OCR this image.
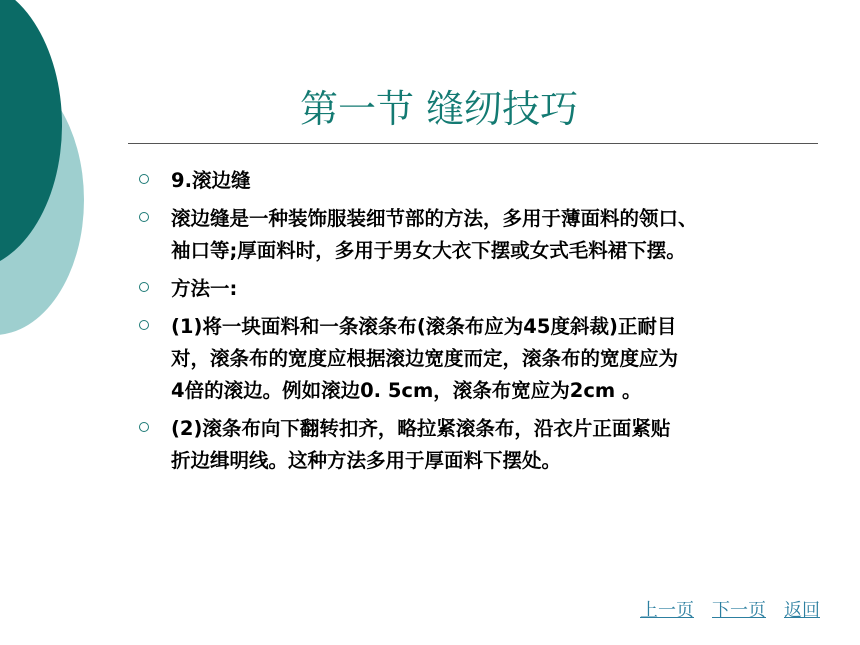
第一节 缝纫技巧
9.滚边缝
滚边缝是一种装饰服装细节部的方法，多用于薄面料的领口、
袖口等;厚面料时，多用于男女大衣下摆或女式毛料裙下摆。
方法一:
(1)将一块面料和一条滚条布(滚条布应为45度斜裁)正耐目
对，滚条布的宽度应根据滚边宽度而定，滚条布的宽度应为
4倍的滚边。例如滚边0. 5cm，滚条布宽应为2cm 。
(2)滚条布向下翻转扣齐，略拉紧滚条布，沿衣片正面紧贴
折边缉明线。这种方法多用于厚面料下摆处。
上一页 下一页 返回
